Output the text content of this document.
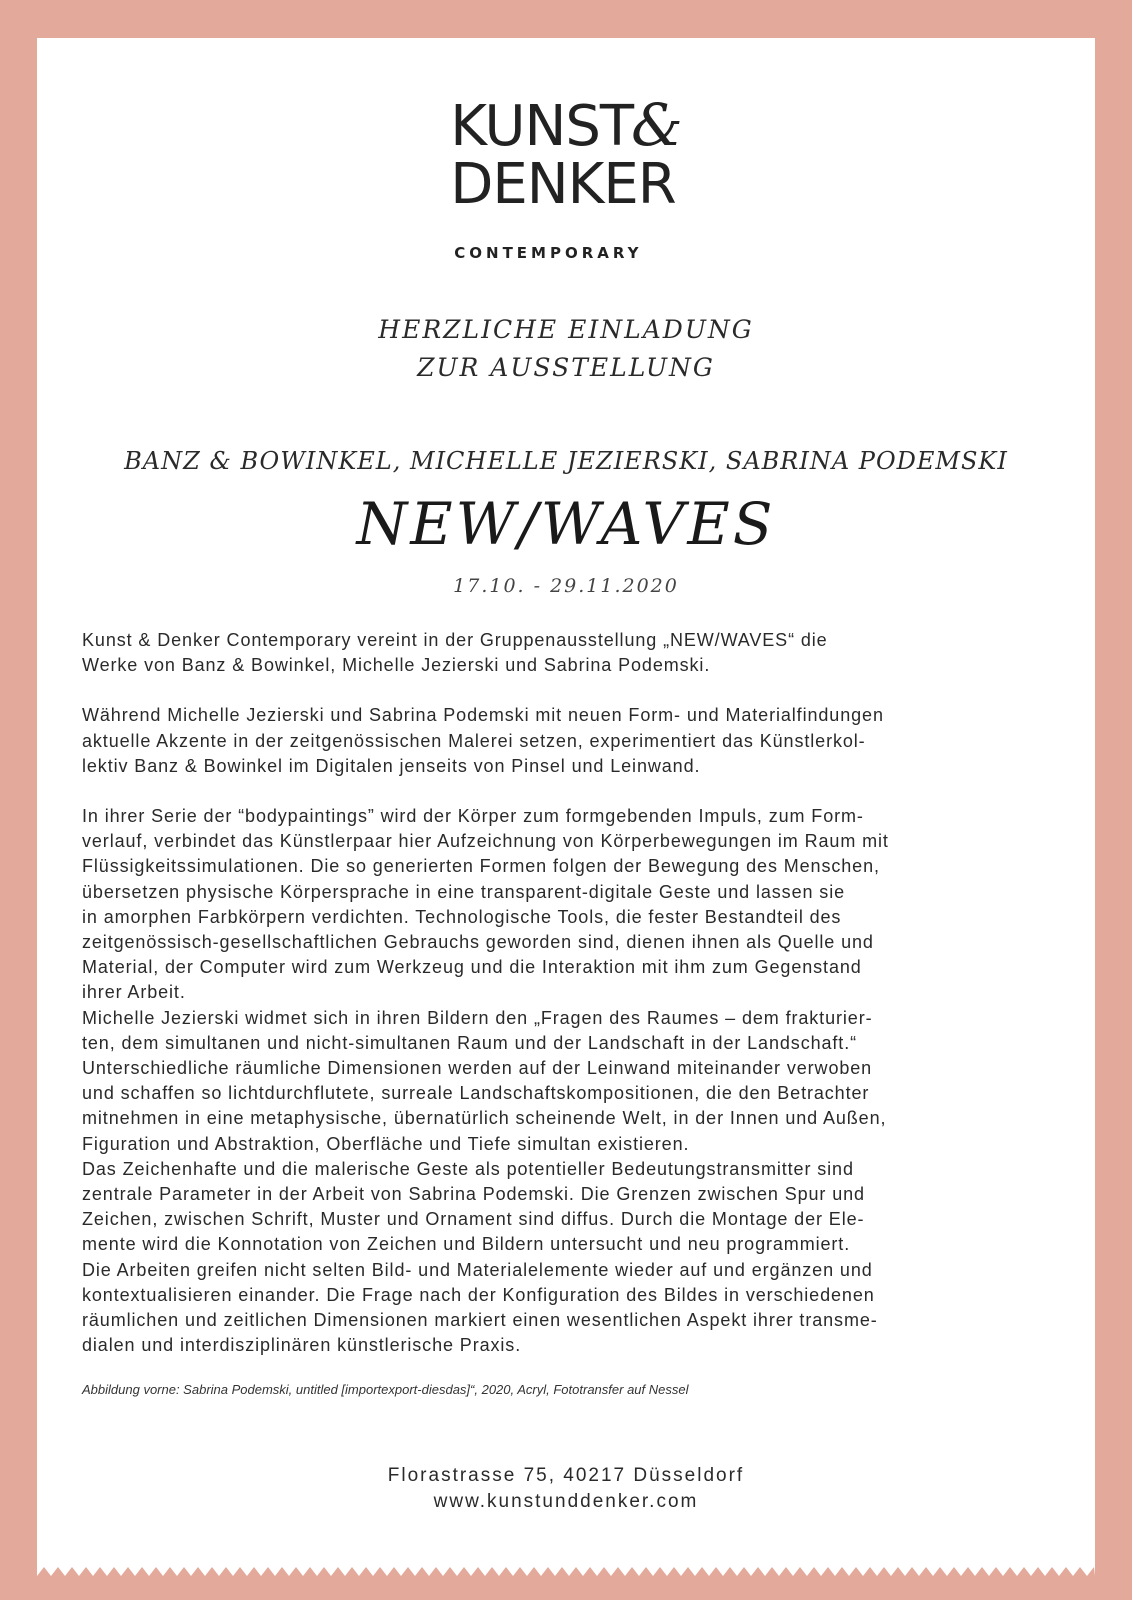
KUNST&
DENKER
CONTEMPORARY
HERZLICHE EINLADUNG
ZUR AUSSTELLUNG
BANZ & BOWINKEL, MICHELLE JEZIERSKI, SABRINA PODEMSKI
NEW/WAVES
17.10. - 29.11.2020

Kunst & Denker Contemporary vereint in der Gruppenausstellung „NEW/WAVES“ die
Werke von Banz & Bowinkel, Michelle Jezierski und Sabrina Podemski.

Während Michelle Jezierski und Sabrina Podemski mit neuen Form- und Materialfindungen
aktuelle Akzente in der zeitgenössischen Malerei setzen, experimentiert das Künstlerkol-
lektiv Banz & Bowinkel im Digitalen jenseits von Pinsel und Leinwand.

In ihrer Serie der “bodypaintings” wird der Körper zum formgebenden Impuls, zum Form-
verlauf, verbindet das Künstlerpaar hier Aufzeichnung von Körperbewegungen im Raum mit
Flüssigkeitssimulationen. Die so generierten Formen folgen der Bewegung des Menschen,
übersetzen physische Körpersprache in eine transparent-digitale Geste und lassen sie
in amorphen Farbkörpern verdichten. Technologische Tools, die fester Bestandteil des
zeitgenössisch-gesellschaftlichen Gebrauchs geworden sind, dienen ihnen als Quelle und
Material, der Computer wird zum Werkzeug und die Interaktion mit ihm zum Gegenstand
ihrer Arbeit.

Michelle Jezierski widmet sich in ihren Bildern den „Fragen des Raumes – dem frakturier-
ten, dem simultanen und nicht-simultanen Raum und der Landschaft in der Landschaft.“
Unterschiedliche räumliche Dimensionen werden auf der Leinwand miteinander verwoben
und schaffen so lichtdurchflutete, surreale Landschaftskompositionen, die den Betrachter
mitnehmen in eine metaphysische, übernatürlich scheinende Welt, in der Innen und Außen,
Figuration und Abstraktion, Oberfläche und Tiefe simultan existieren.

Das Zeichenhafte und die malerische Geste als potentieller Bedeutungstransmitter sind
zentrale Parameter in der Arbeit von Sabrina Podemski. Die Grenzen zwischen Spur und
Zeichen, zwischen Schrift, Muster und Ornament sind diffus. Durch die Montage der Ele-
mente wird die Konnotation von Zeichen und Bildern untersucht und neu programmiert.
Die Arbeiten greifen nicht selten Bild- und Materialelemente wieder auf und ergänzen und
kontextualisieren einander. Die Frage nach der Konfiguration des Bildes in verschiedenen
räumlichen und zeitlichen Dimensionen markiert einen wesentlichen Aspekt ihrer transme-
dialen und interdisziplinären künstlerische Praxis.

Abbildung vorne: Sabrina Podemski, untitled [importexport-diesdas]“, 2020, Acryl, Fototransfer auf Nessel
Florastrasse 75, 40217 Düsseldorf
www.kunstunddenker.com
